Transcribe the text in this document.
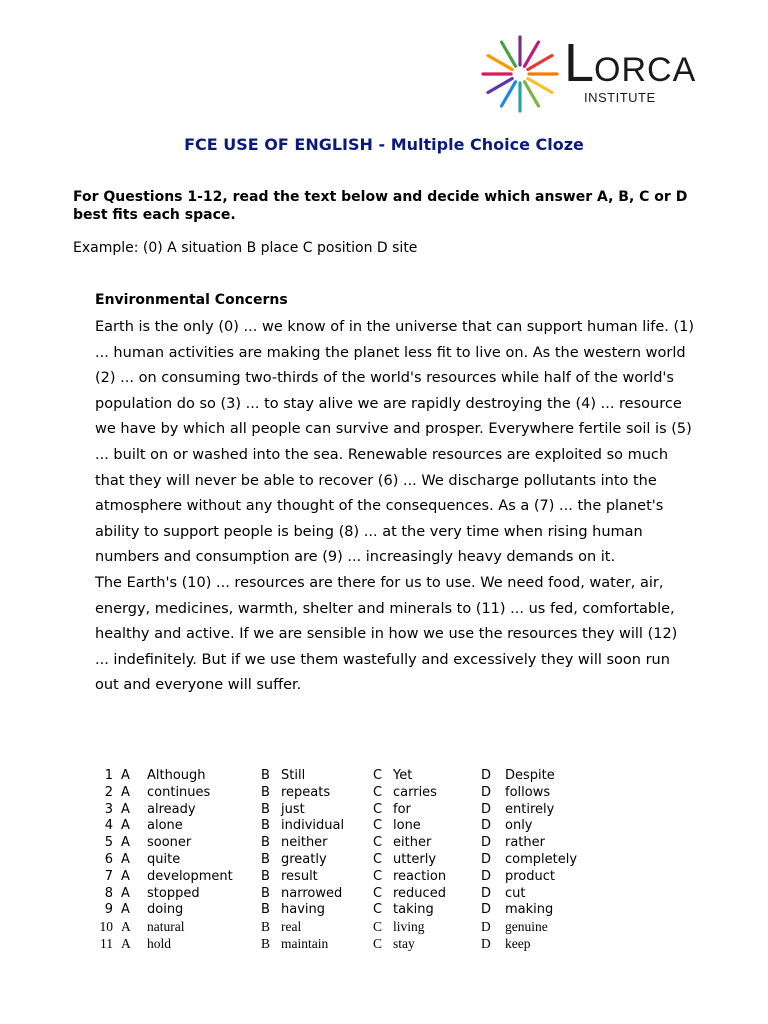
LORCA
INSTITUTE
FCE USE OF ENGLISH - Multiple Choice Cloze

For Questions 1-12, read the text below and decide which answer A, B, C or D best fits each space.

Example: (0) A situation B place C position D site

Environmental Concerns

Earth is the only (0) ... we know of in the universe that can support human life. (1) ... human activities are making the planet less fit to live on. As the western world (2) ... on consuming two-thirds of the world's resources while half of the world's population do so (3) ... to stay alive we are rapidly destroying the (4) ... resource we have by which all people can survive and prosper. Everywhere fertile soil is (5) ... built on or washed into the sea. Renewable resources are exploited so much that they will never be able to recover (6) ... We discharge pollutants into the atmosphere without any thought of the consequences. As a (7) ... the planet's ability to support people is being (8) ... at the very time when rising human numbers and consumption are (9) ... increasingly heavy demands on it.

The Earth's (10) ... resources are there for us to use. We need food, water, air, energy, medicines, warmth, shelter and minerals to (11) ... us fed, comfortable, healthy and active. If we are sensible in how we use the resources they will (12) ... indefinitely. But if we use them wastefully and excessively they will soon run out and everyone will suffer.

1 A Although	B Still	C Yet	D Despite
2 A continues	B repeats	C carries	D follows
3 A already	B just	C for	D entirely
4 A alone	B individual C lone	D only
5 A sooner	B neither	C either	D rather
6 A quite	B greatly	C utterly	D completely
7 A development B result	C reaction	D product
8 A stopped	B narrowed C reduced	D cut
9 A doing	B having	C taking	D making
10 A natural	B real	C living	D genuine
11 A hold	B maintain	C stay	D keep
